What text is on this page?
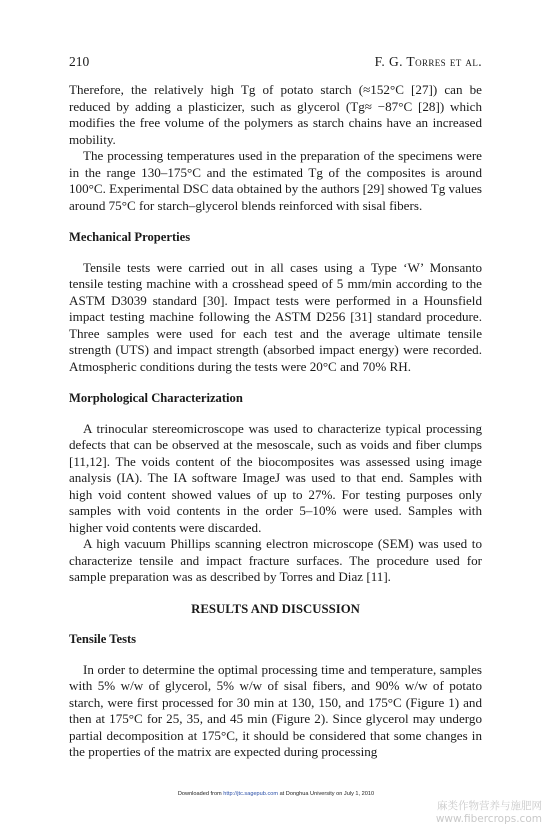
210	F. G. Torres et al.

Therefore, the relatively high Tg of potato starch (≈152°C [27]) can be reduced by adding a plasticizer, such as glycerol (Tg≈ −87°C [28]) which modifies the free volume of the polymers as starch chains have an increased mobility.

The processing temperatures used in the preparation of the specimens were in the range 130–175°C and the estimated Tg of the composites is around 100°C. Experimental DSC data obtained by the authors [29] showed Tg values around 75°C for starch–glycerol blends reinforced with sisal fibers.

Mechanical Properties

Tensile tests were carried out in all cases using a Type ‘W’ Monsanto tensile testing machine with a crosshead speed of 5 mm/min according to the ASTM D3039 standard [30]. Impact tests were performed in a Hounsfield impact testing machine following the ASTM D256 [31] standard procedure. Three samples were used for each test and the average ultimate tensile strength (UTS) and impact strength (absorbed impact energy) were recorded. Atmospheric conditions during the tests were 20°C and 70% RH.

Morphological Characterization

A trinocular stereomicroscope was used to characterize typical processing defects that can be observed at the mesoscale, such as voids and fiber clumps [11,12]. The voids content of the biocomposites was assessed using image analysis (IA). The IA software ImageJ was used to that end. Samples with high void content showed values of up to 27%. For testing purposes only samples with void contents in the order 5–10% were used. Samples with higher void contents were discarded.

A high vacuum Phillips scanning electron microscope (SEM) was used to characterize tensile and impact fracture surfaces. The procedure used for sample preparation was as described by Torres and Diaz [11].

RESULTS AND DISCUSSION
Tensile Tests

In order to determine the optimal processing time and temperature, samples with 5% w/w of glycerol, 5% w/w of sisal fibers, and 90% w/w of potato starch, were first processed for 30 min at 130, 150, and 175°C (Figure 1) and then at 175°C for 25, 35, and 45 min (Figure 2). Since glycerol may undergo partial decomposition at 175°C, it should be considered that some changes in the properties of the matrix are expected during processing

Downloaded from http://jtc.sagepub.com at Donghua University on July 1, 2010
麻类作物营养与施肥网
www.fibercrops.com
